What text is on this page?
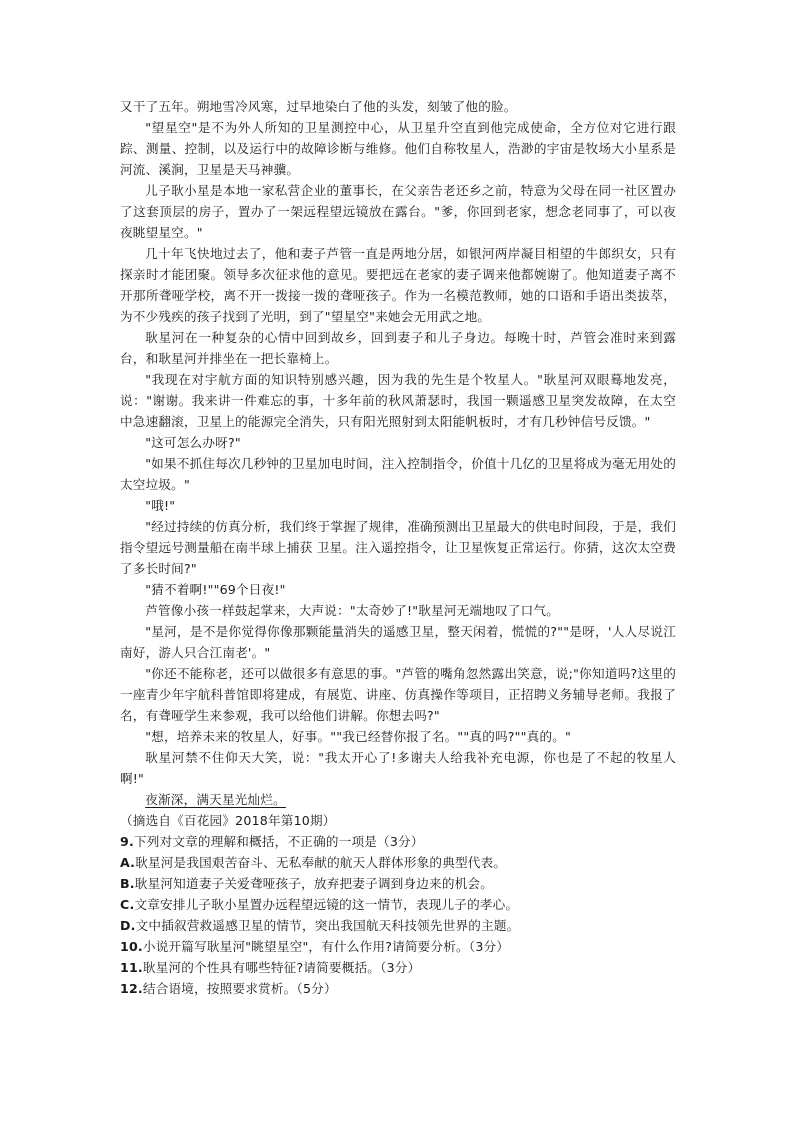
又干了五年。朔地雪冷风寒，过早地染白了他的头发，刻皱了他的脸。

"望星空"是不为外人所知的卫星测控中心，从卫星升空直到他完成使命，全方位对它进行跟踪、测量、控制，以及运行中的故障诊断与维修。他们自称牧星人，浩渺的宇宙是牧场大小星系是河流、溪涧，卫星是天马神骥。

儿子耿小星是本地一家私营企业的董事长，在父亲告老还乡之前，特意为父母在同一社区置办了这套顶层的房子，置办了一架远程望远镜放在露台。"爹，你回到老家，想念老同事了，可以夜夜眺望星空。"

几十年飞快地过去了，他和妻子芦管一直是两地分居，如银河两岸凝目相望的牛郎织女，只有探亲时才能团聚。领导多次征求他的意见。要把远在老家的妻子调来他都婉谢了。他知道妻子离不开那所聋哑学校，离不开一拨接一拨的聋哑孩子。作为一名模范教师，她的口语和手语出类拔萃，为不少残疾的孩子找到了光明，到了"望星空"来她会无用武之地。

耿星河在一种复杂的心情中回到故乡，回到妻子和儿子身边。每晚十时，芦管会准时来到露台，和耿星河并排坐在一把长靠椅上。

"我现在对宇航方面的知识特别感兴趣，因为我的先生是个牧星人。"耿星河双眼蓦地发亮，说："谢谢。我来讲一件难忘的事，十多年前的秋风萧瑟时，我国一颗遥感卫星突发故障，在太空中急速翻滚，卫星上的能源完全消失，只有阳光照射到太阳能帆板时，才有几秒钟信号反馈。"

"这可怎么办呀?"

"如果不抓住每次几秒钟的卫星加电时间，注入控制指令，价值十几亿的卫星将成为毫无用处的太空垃圾。"

"哦!"

"经过持续的仿真分析，我们终于掌握了规律，准确预测出卫星最大的供电时间段，于是，我们指令望远号测量船在南半球上捕获 卫星。注入遥控指令，让卫星恢复正常运行。你猜，这次太空费了多长时间?"

"猜不着啊!""69个日夜!"

芦管像小孩一样鼓起掌来，大声说："太奇妙了!"耿星河无端地叹了口气。

"星河，是不是你觉得你像那颗能量消失的遥感卫星，整天闲着，慌慌的?""是呀，'人人尽说江南好，游人只合江南老'。"

"你还不能称老，还可以做很多有意思的事。"芦管的嘴角忽然露出笑意，说;"你知道吗?这里的一座青少年宇航科普馆即将建成，有展览、讲座、仿真操作等项目，正招聘义务辅导老师。我报了名，有聋哑学生来参观，我可以给他们讲解。你想去吗?"

"想，培养未来的牧星人，好事。""我已经替你报了名。""真的吗?""真的。"

耿星河禁不住仰天大笑，说："我太开心了!多谢夫人给我补充电源，你也是了不起的牧星人啊!"

夜渐深，满天星光灿烂。

（摘选自《百花园》2018年第10期）

9.下列对文章的理解和概括，不正确的一项是（3分）

A.耿星河是我国艰苦奋斗、无私奉献的航天人群体形象的典型代表。

B.耿星河知道妻子关爱聋哑孩子，放弃把妻子调到身边来的机会。

C.文章安排儿子耿小星置办远程望远镜的这一情节，表现儿子的孝心。

D.文中插叙营救遥感卫星的情节，突出我国航天科技领先世界的主题。

10.小说开篇写耿星河"眺望星空"，有什么作用?请简要分析。（3分）

11.耿星河的个性具有哪些特征?请简要概括。（3分）

12.结合语境，按照要求赏析。（5分）
